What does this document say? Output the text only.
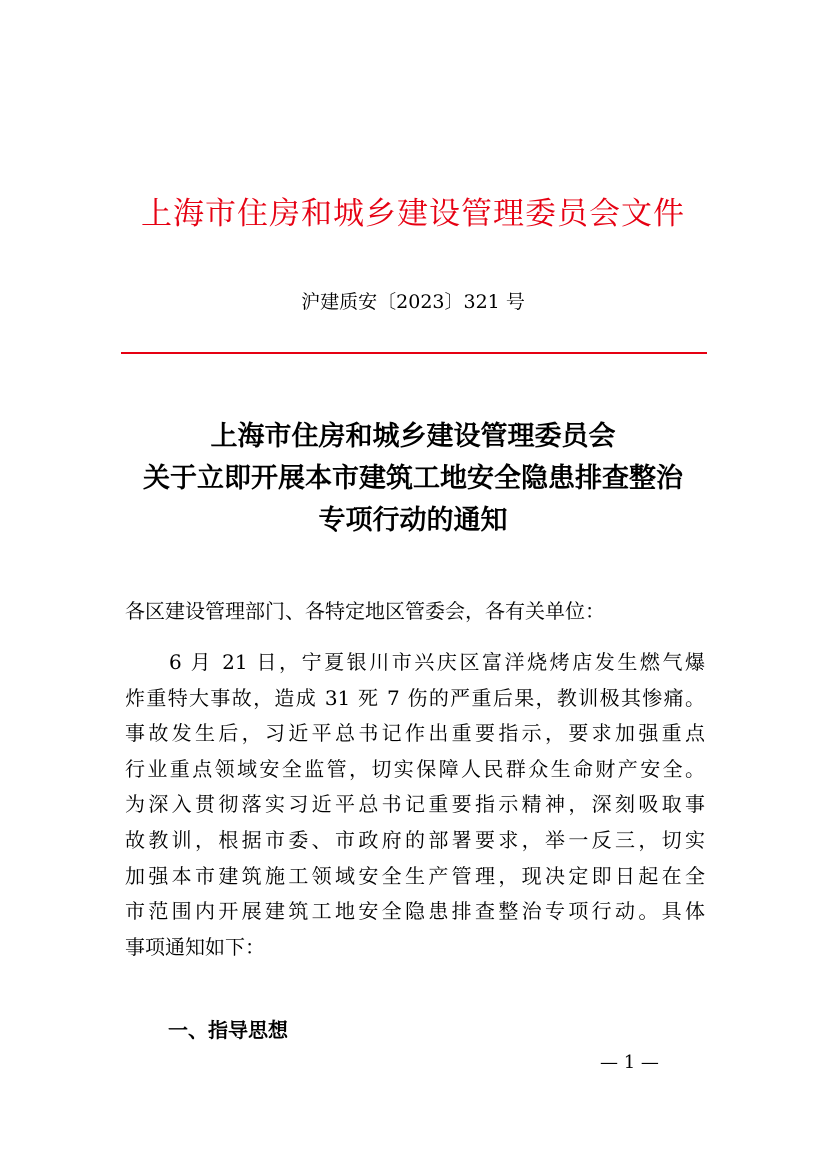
上海市住房和城乡建设管理委员会文件
沪建质安〔2023〕321 号
上海市住房和城乡建设管理委员会
关于立即开展本市建筑工地安全隐患排查整治
专项行动的通知
各区建设管理部门、各特定地区管委会，各有关单位：
6 月 21 日，宁夏银川市兴庆区富洋烧烤店发生燃气爆
炸重特大事故，造成 31 死 7 伤的严重后果，教训极其惨痛。
事故发生后，习近平总书记作出重要指示，要求加强重点
行业重点领域安全监管，切实保障人民群众生命财产安全。
为深入贯彻落实习近平总书记重要指示精神，深刻吸取事
故教训，根据市委、市政府的部署要求，举一反三，切实
加强本市建筑施工领域安全生产管理，现决定即日起在全
市范围内开展建筑工地安全隐患排查整治专项行动。具体
事项通知如下：
一、指导思想
— 1 —
